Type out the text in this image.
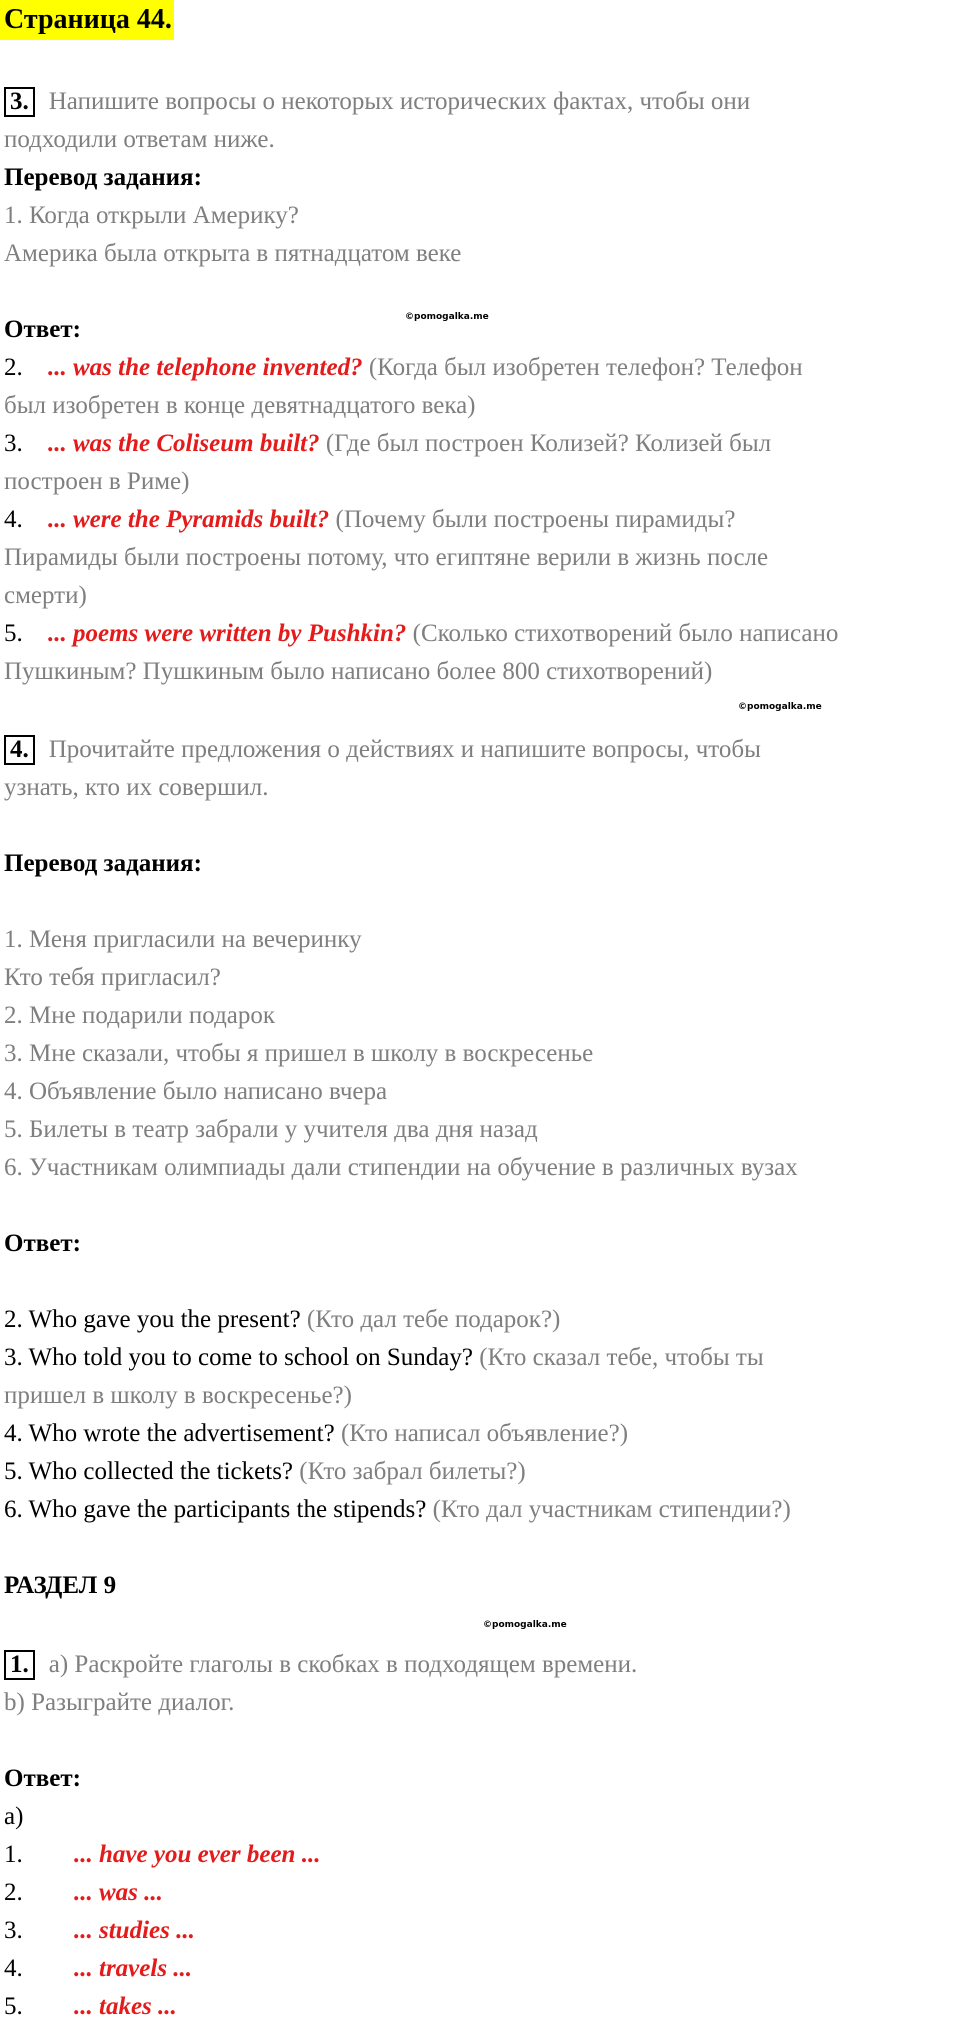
Страница 44.
3. Напишите вопросы о некоторых исторических фактах, чтобы они
подходили ответам ниже.
Перевод задания:
1. Когда открыли Америку?
Америка была открыта в пятнадцатом веке
©pomogalka.me
Ответ:
2. ... was the telephone invented? (Когда был изобретен телефон? Телефон
был изобретен в конце девятнадцатого века)
3. ... was the Coliseum built? (Где был построен Колизей? Колизей был
построен в Риме)
4. ... were the Pyramids built? (Почему были построены пирамиды?
Пирамиды были построены потому, что египтяне верили в жизнь после
смерти)
5. ... poems were written by Pushkin? (Сколько стихотворений было написано
Пушкиным? Пушкиным было написано более 800 стихотворений)
©pomogalka.me
4. Прочитайте предложения о действиях и напишите вопросы, чтобы
узнать, кто их совершил.
Перевод задания:
1. Меня пригласили на вечеринку
Кто тебя пригласил?
2. Мне подарили подарок
3. Мне сказали, чтобы я пришел в школу в воскресенье
4. Объявление было написано вчера
5. Билеты в театр забрали у учителя два дня назад
6. Участникам олимпиады дали стипендии на обучение в различных вузах
Ответ:
2. Who gave you the present? (Кто дал тебе подарок?)
3. Who told you to come to school on Sunday? (Кто сказал тебе, чтобы ты
пришел в школу в воскресенье?)
4. Who wrote the advertisement? (Кто написал объявление?)
5. Who collected the tickets? (Кто забрал билеты?)
6. Who gave the participants the stipends? (Кто дал участникам стипендии?)
РАЗДЕЛ 9
©pomogalka.me
1. a) Раскройте глаголы в скобках в подходящем времени.
b) Разыграйте диалог.
Ответ:
a)
1. ... have you ever been ...
2. ... was ...
3. ... studies ...
4. ... travels ...
5. ... takes ...
